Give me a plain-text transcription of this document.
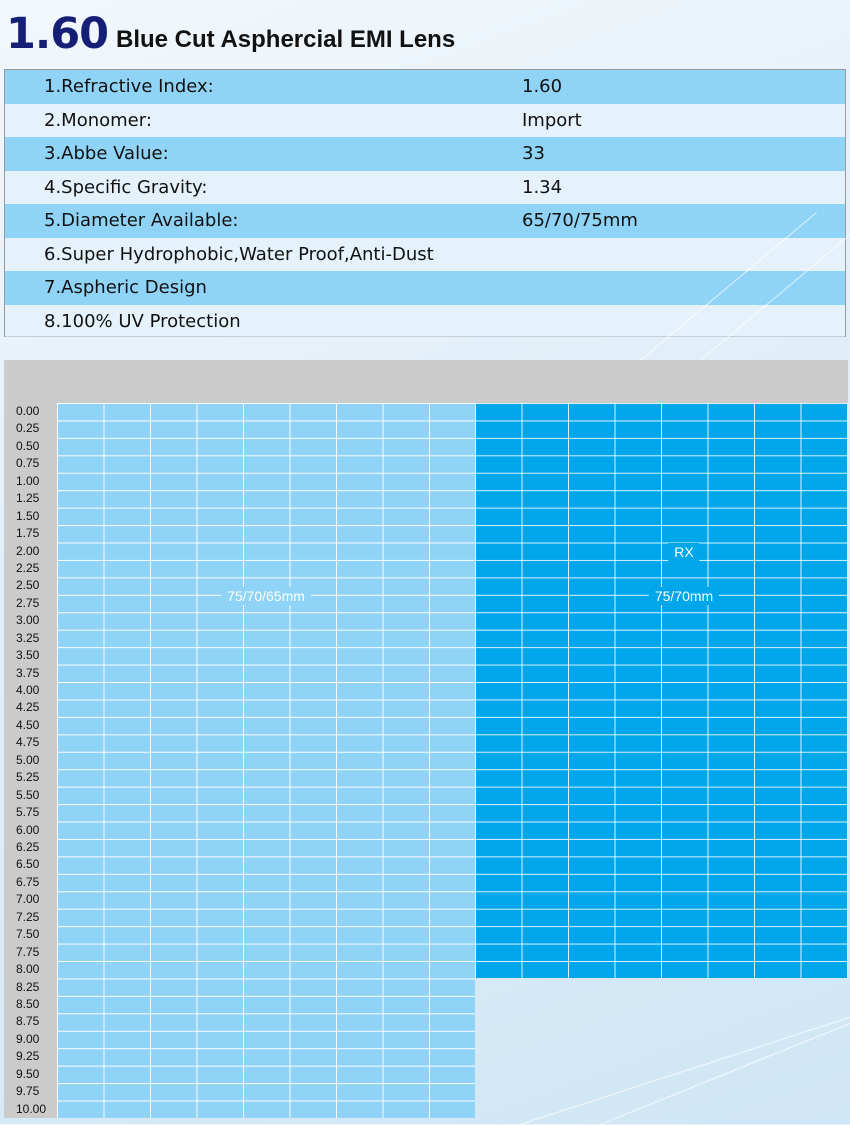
1.60 Blue Cut Asphercial EMI Lens
1.Refractive Index:	1.60
2.Monomer:	Import
3.Abbe Value:	33
4.Specific Gravity:	1.34
5.Diameter Available:	65/70/75mm
6.Super Hydrophobic,Water Proof,Anti-Dust
7.Aspheric Design
8.100% UV Protection
0.00
0.25
0.50
0.75
1.00
1.25
1.50
1.75
2.00
2.25
2.50
2.75
3.00
3.25
3.50
3.75
4.00
4.25
4.50
4.75
5.00
5.25
5.50
5.75
6.00
6.25
6.50
6.75
7.00
7.25
7.50
7.75
8.00
8.25
8.50
8.75
9.00
9.25
9.50
9.75
10.00
75/70/65mm
RX
75/70mm
